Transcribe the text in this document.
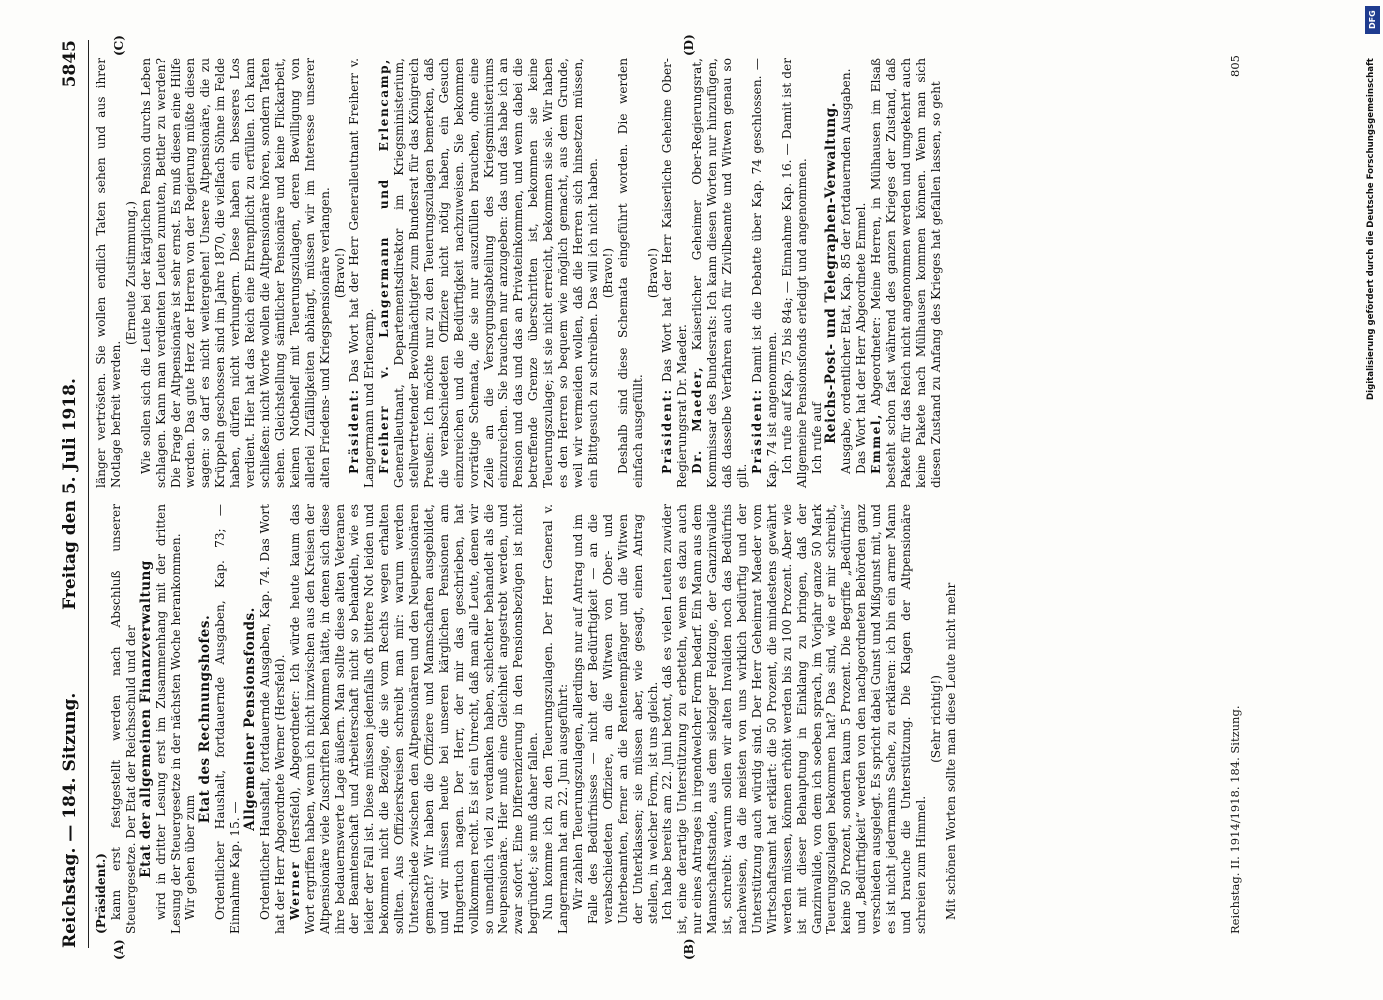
Reichstag. — 184. Sitzung.
Freitag den 5. Juli 1918.
5845
(A)	(B)
(C)	(D)

(Präsident.) kann erst festgestellt werden nach Abschluß unserer Steuergesetze. Der Etat der Reichsschuld und der Etat der allgemeinen Finanzverwaltung wird in dritter Lesung erst im Zusammenhang mit der dritten Lesung der Steuergesetze in der nächsten Woche herankommen. Wir gehen über zum

Etat des Rechnungshofes. Ordentlicher Haushalt, fortdauernde Ausgaben, Kap. 73; — Einnahme Kap. 15. —

Allgemeiner Pensionsfonds. Ordentlicher Haushalt, fortdauernde Ausgaben, Kap. 74. Das Wort hat der Herr Abgeordnete Werner (Hersfeld). Werner (Hersfeld), Abgeordneter: Ich würde heute kaum das Wort ergriffen haben, wenn ich nicht inzwischen aus den Kreisen der Altpensionäre viele Zuschriften bekommen hätte, in denen sich diese ihre bedauernswerte Lage äußern. Man sollte diese alten Veteranen der Beamtenschaft und Arbeiterschaft nicht so behandeln, wie es leider der Fall ist. Diese müssen jedenfalls oft bittere Not leiden und bekommen nicht die Bezüge, die sie vom Rechts wegen erhalten sollten. Aus Offizierskreisen schreibt man mir: warum werden Unterschiede zwischen den Altpensionären und den Neupensionären gemacht? Wir haben die Offiziere und Mannschaften ausgebildet, und wir müssen heute bei unseren kärglichen Pensionen am Hungertuch nagen. Der Herr, der mir das geschrieben, hat vollkommen recht. Es ist ein Unrecht, daß man alle Leute, denen wir so unendlich viel zu verdanken haben, schlechter behandelt als die Neupensionäre. Hier muß eine Gleichheit angestrebt werden, und zwar sofort. Eine Differenzierung in den Pensionsbezügen ist nicht begründet; sie muß daher fallen. Nun komme ich zu den Teuerungszulagen. Der Herr General v. Langermann hat am 22. Juni ausgeführt: Wir zahlen Teuerungszulagen, allerdings nur auf Antrag und im Falle des Bedürfnisses — nicht der Bedürftigkeit — an die verabschiedeten Offiziere, an die Witwen von Ober- und Unterbeamten, ferner an die Rentenempfänger und die Witwen der Unterklassen; sie müssen aber, wie gesagt, einen Antrag stellen, in welcher Form, ist uns gleich. Ich habe bereits am 22. Juni betont, daß es vielen Leuten zuwider ist, eine derartige Unterstützung zu erbetteln, wenn es dazu auch nur eines Antrages in irgendwelcher Form bedarf. Ein Mann aus dem Mannschaftsstande, aus dem siebziger Feldzuge, der Ganzinvalide ist, schreibt: warum sollen wir alten Invaliden noch das Bedürfnis nachweisen, da die meisten von uns wirklich bedürftig und der Unterstützung auch würdig sind. Der Herr Geheimrat Maeder vom Wirtschaftsamt hat erklärt: die 50 Prozent, die mindestens gewährt werden müssen, können erhöht werden bis zu 100 Prozent. Aber wie ist mit dieser Behauptung in Einklang zu bringen, daß der Ganzinvalide, von dem ich soeben sprach, im Vorjahr ganze 50 Mark Teuerungszulagen bekommen hat? Das sind, wie er mir schreibt, keine 50 Prozent, sondern kaum 5 Prozent. Die Begriffe „Bedürfnis“ und „Bedürftigkeit“ werden von den nachgeordneten Behörden ganz verschieden ausgelegt. Es spricht dabei Gunst und Mißgunst mit, und es ist nicht jedermanns Sache, zu erklären: ich bin ein armer Mann und brauche die Unterstützung. Die Klagen der Altpensionäre schreien zum Himmel.

(Sehr richtig!) Mit schönen Worten sollte man diese Leute nicht mehr

länger vertrösten. Sie wollen endlich Taten sehen und aus ihrer Notlage befreit werden.

(Erneute Zustimmung.) Wie sollen sich die Leute bei der kärglichen Pension durchs Leben schlagen. Kann man verdienten Leuten zumuten, Bettler zu werden? Die Frage der Altpensionäre ist sehr ernst. Es muß diesen eine Hilfe werden. Das gute Herz der Herren von der Regierung müßte diesen sagen: so darf es nicht weitergehen! Unsere Altpensionäre, die zu Krüppeln geschossen sind im Jahre 1870, die vielfach Söhne im Felde haben, dürfen nicht verhungern. Diese haben ein besseres Los verdient. Hier hat das Reich eine Ehrenpflicht zu erfüllen. Ich kann schließen: nicht Worte wollen die Altpensionäre hören, sondern Taten sehen. Gleichstellung sämtlicher Pensionäre und keine Flickarbeit, keinen Notbehelf mit Teuerungszulagen, deren Bewilligung von allerlei Zufälligkeiten abhängt, müssen wir im Interesse unserer alten Friedens- und Kriegspensionäre verlangen. (Bravo!)

Präsident: Das Wort hat der Herr Generalleutnant Freiherr v. Langermann und Erlencamp. Freiherr v. Langermann und Erlencamp, Generalleutnant, Departementsdirektor im Kriegsministerium, stellvertretender Bevollmächtigter zum Bundesrat für das Königreich Preußen: Ich möchte nur zu den Teuerungszulagen bemerken, daß die verabschiedeten Offiziere nicht nötig haben, ein Gesuch einzureichen und die Bedürftigkeit nachzuweisen. Sie bekommen vorrätige Schemata, die sie nur auszufüllen brauchen, ohne eine Zeile an die Versorgungsabteilung des Kriegsministeriums einzureichen. Sie brauchen nur anzugeben: das und das habe ich an Pension und das und das an Privateinkommen, und wenn dabei die betreffende Grenze überschritten ist, bekommen sie keine Teuerungszulage; ist sie nicht erreicht, bekommen sie sie. Wir haben es den Herren so bequem wie möglich gemacht, aus dem Grunde, weil wir vermeiden wollen, daß die Herren sich hinsetzen müssen, ein Bittgesuch zu schreiben. Das will ich nicht haben. (Bravo!) Deshalb sind diese Schemata eingeführt worden. Die werden einfach ausgefüllt.

(Bravo!)

Präsident: Das Wort hat der Herr Kaiserliche Geheime Ober-Regierungsrat Dr. Maeder. Dr. Maeder, Kaiserlicher Geheimer Ober-Regierungsrat, Kommissar des Bundesrats: Ich kann diesen Worten nur hinzufügen, daß dasselbe Verfahren auch für Zivilbeamte und Witwen genau so gilt.

Präsident: Damit ist die Debatte über Kap. 74 geschlossen. — Kap. 74 ist angenommen. Ich rufe auf Kap. 75 bis 84a; — Einnahme Kap. 16. — Damit ist der Allgemeine Pensionsfonds erledigt und angenommen. Ich rufe auf Reichs-Post- und Telegraphen-Verwaltung. Ausgabe, ordentlicher Etat, Kap. 85 der fortdauernden Ausgaben. Das Wort hat der Herr Abgeordnete Emmel. Emmel, Abgeordneter: Meine Herren, in Mülhausen im Elsaß besteht schon fast während des ganzen Krieges der Zustand, daß Pakete für das Reich nicht angenommen werden und umgekehrt auch keine Pakete nach Mülhausen kommen können. Wenn man sich diesen Zustand zu Anfang des Krieges hat gefallen lassen, so geht

Reichstag. II. 1914/1918. 184. Sitzung.
805
DFG
Digitalisierung gefördert durch die Deutsche Forschungsgemeinschaft
